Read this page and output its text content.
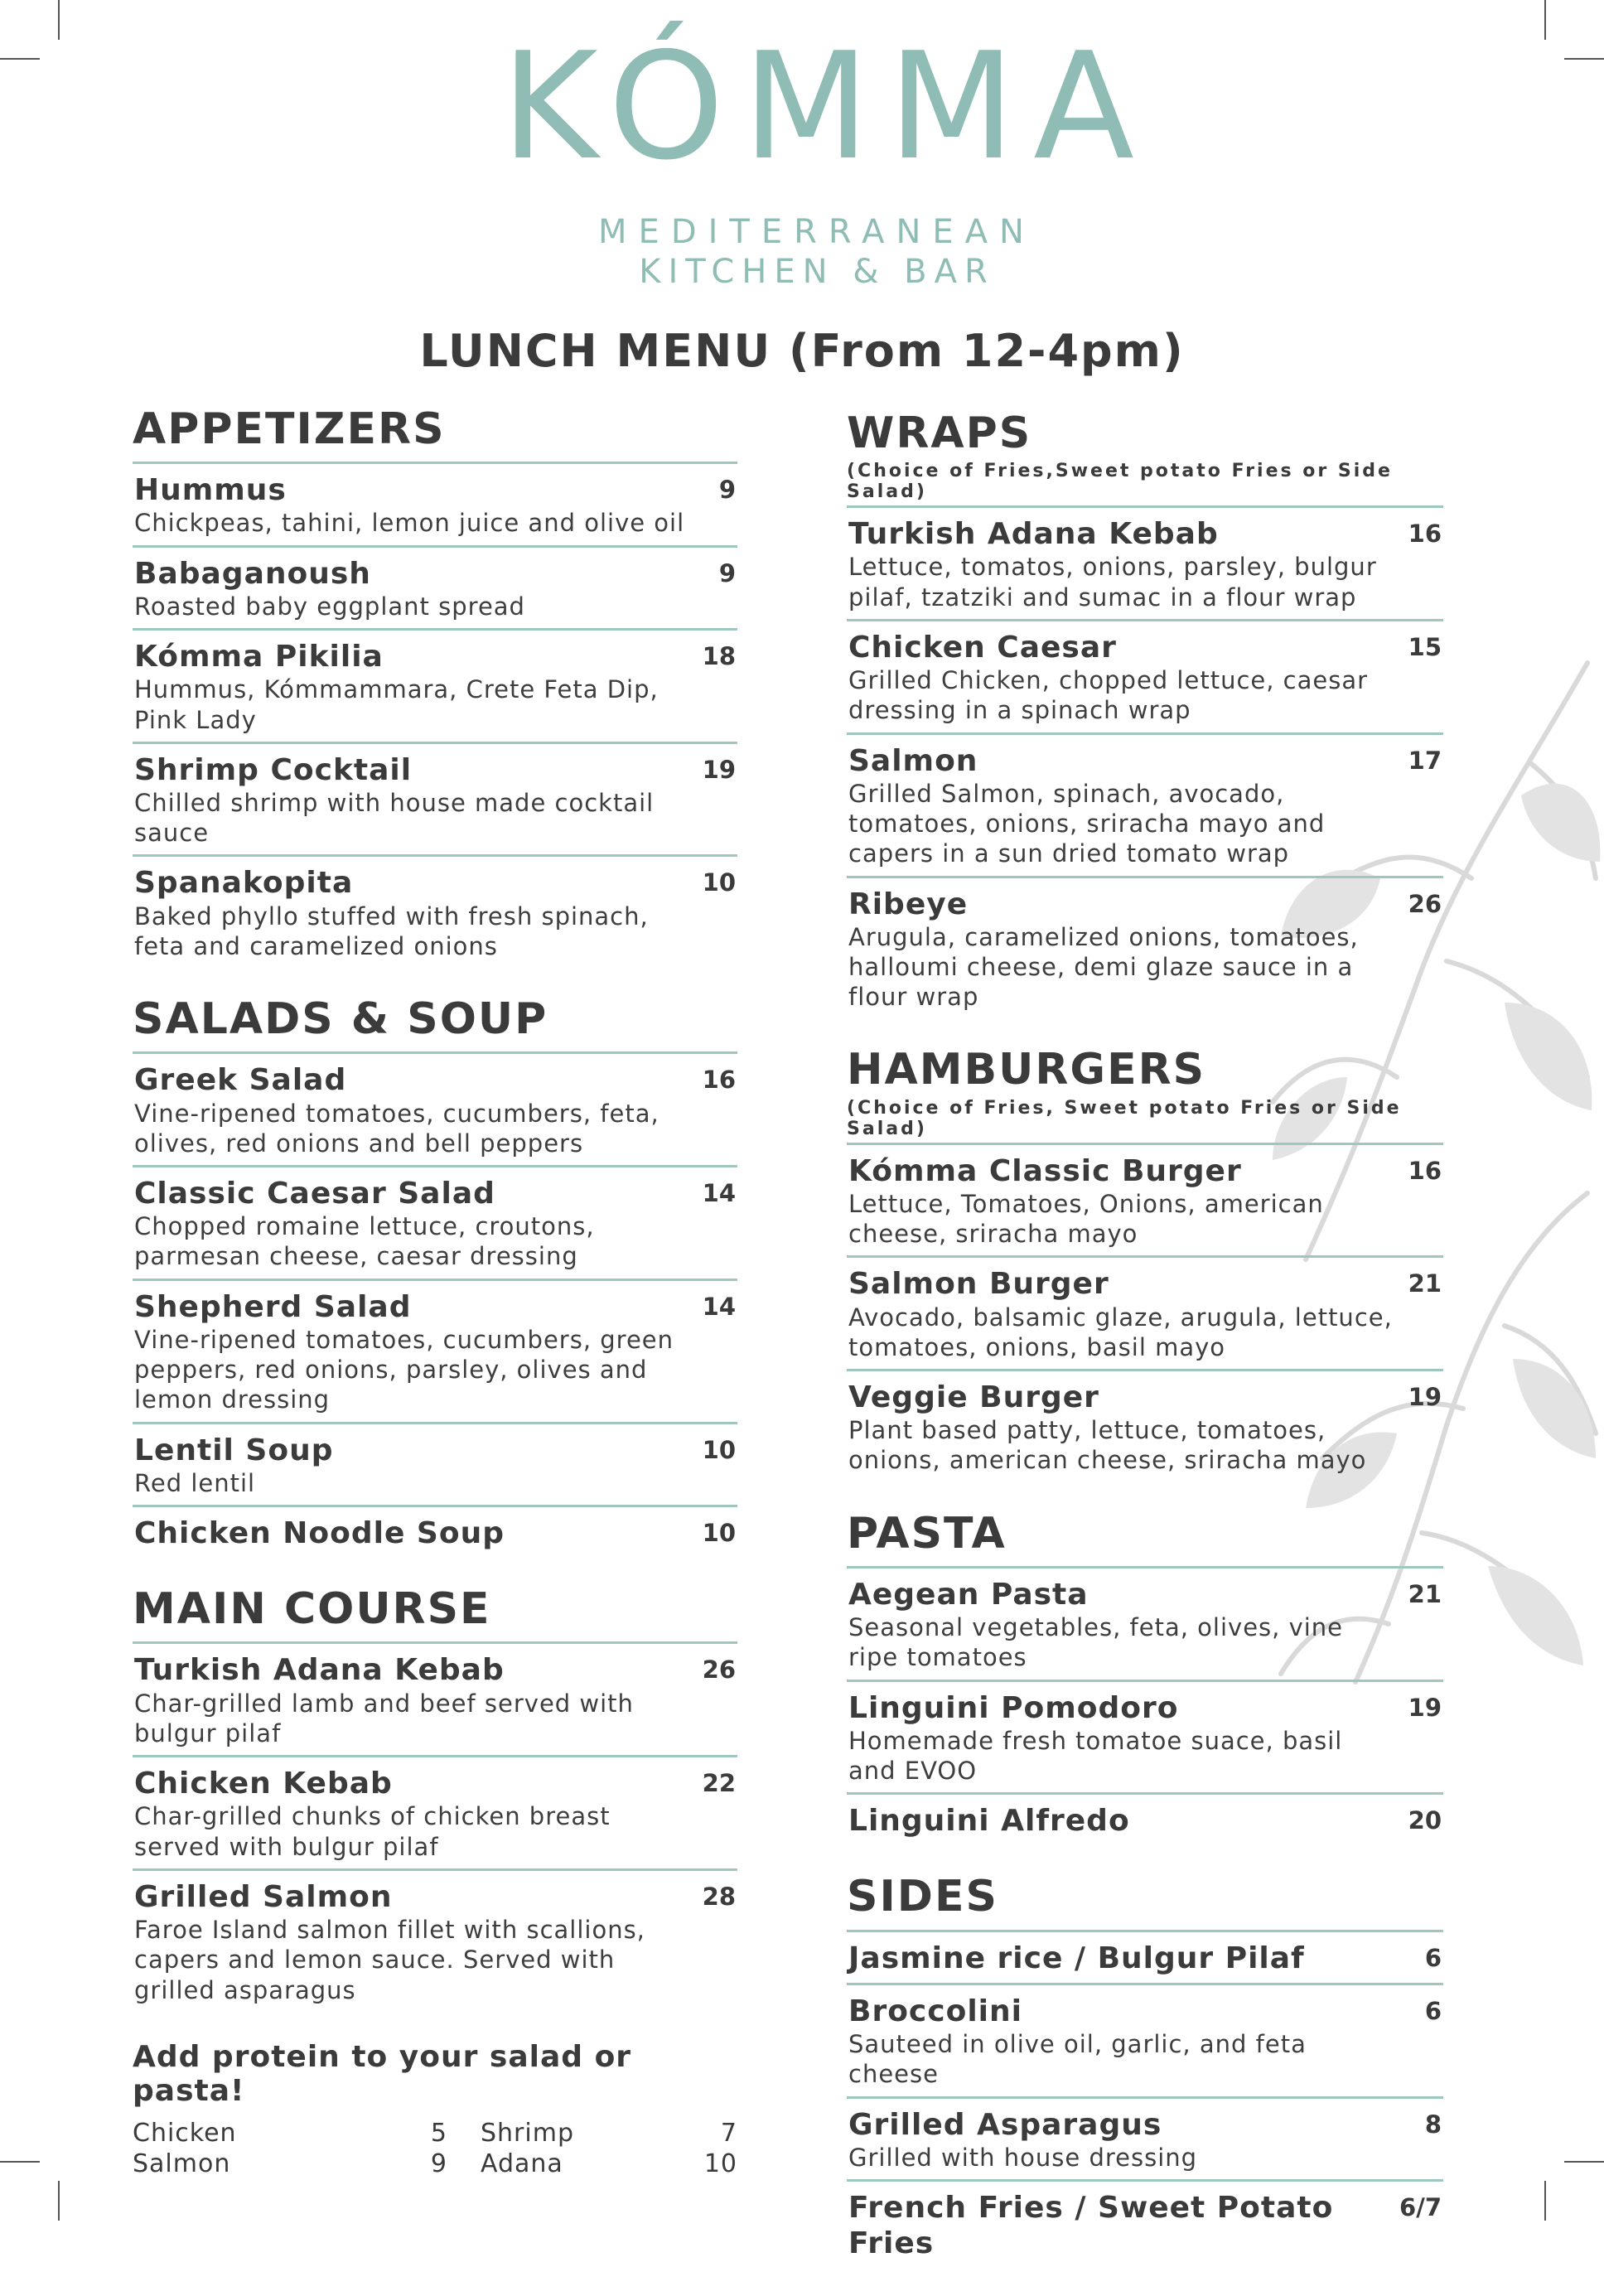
KÓMMA
MEDITERRANEAN
KITCHEN & BAR
LUNCH MENU (From 12-4pm)
APPETIZERS
Hummus
Chickpeas, tahini, lemon juice and olive oil
9
Babaganoush
Roasted baby eggplant spread
9
Kómma Pikilia
Hummus, Kómmammara, Crete Feta Dip, Pink Lady
18
Shrimp Cocktail
Chilled shrimp with house made cocktail sauce
19
Spanakopita
Baked phyllo stuffed with fresh spinach, feta and caramelized onions
10
SALADS & SOUP
Greek Salad
Vine-ripened tomatoes, cucumbers, feta, olives, red onions and bell peppers
16
Classic Caesar Salad
Chopped romaine lettuce, croutons, parmesan cheese, caesar dressing
14
Shepherd Salad
Vine-ripened tomatoes, cucumbers, green peppers, red onions, parsley, olives and lemon dressing
14
Lentil Soup
Red lentil
10
Chicken Noodle Soup	10
MAIN COURSE
Turkish Adana Kebab
Char-grilled lamb and beef served with bulgur pilaf
26
Chicken Kebab
Char-grilled chunks of chicken breast served with bulgur pilaf
22
Grilled Salmon
Faroe Island salmon fillet with scallions, capers and lemon sauce. Served with grilled asparagus
28
Add protein to your salad or pasta!
Chicken	5	Shrimp	7
Salmon	9	Adana	10
WRAPS
(Choice of Fries,Sweet potato Fries or Side Salad)
Turkish Adana Kebab
Lettuce, tomatos, onions, parsley, bulgur pilaf, tzatziki and sumac in a flour wrap
16
Chicken Caesar
Grilled Chicken, chopped lettuce, caesar dressing in a spinach wrap
15
Salmon
Grilled Salmon, spinach, avocado, tomatoes, onions, sriracha mayo and capers in a sun dried tomato wrap
17
Ribeye
Arugula, caramelized onions, tomatoes, halloumi cheese, demi glaze sauce in a flour wrap
26
HAMBURGERS
(Choice of Fries, Sweet potato Fries or Side Salad)
Kómma Classic Burger
Lettuce, Tomatoes, Onions, american cheese, sriracha mayo
16
Salmon Burger
Avocado, balsamic glaze, arugula, lettuce, tomatoes, onions, basil mayo
21
Veggie Burger
Plant based patty, lettuce, tomatoes, onions, american cheese, sriracha mayo
19
PASTA
Aegean Pasta
Seasonal vegetables, feta, olives, vine ripe tomatoes
21
Linguini Pomodoro
Homemade fresh tomatoe suace, basil and EVOO
19
Linguini Alfredo	20
SIDES
Jasmine rice / Bulgur Pilaf	6
Broccolini
Sauteed in olive oil, garlic, and feta cheese
6
Grilled Asparagus
Grilled with house dressing
8
French Fries / Sweet Potato Fries
6/7
